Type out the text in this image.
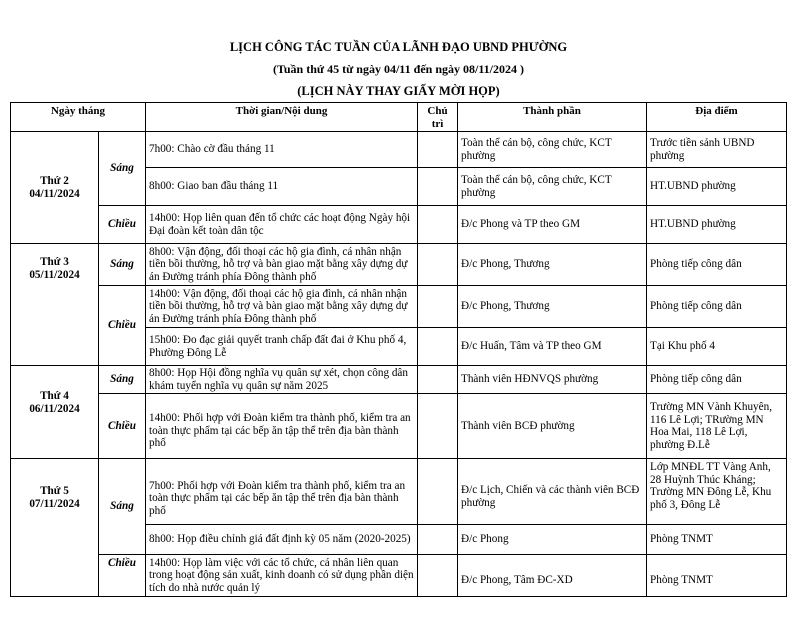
LỊCH CÔNG TÁC TUẦN CỦA LÃNH ĐẠO UBND PHƯỜNG
(Tuần thứ 45 từ ngày 04/11 đến ngày 08/11/2024 )
(LỊCH NÀY THAY GIẤY MỜI HỌP)
Ngày tháng		Thời gian/Nội dung	Chủ trì	Thành phần	Địa điểm

Thứ 2
04/11/2024	Sáng	7h00: Chào cờ đầu tháng 11		Toàn thể cán bộ, công chức, KCT phường	Trước tiền sảnh UBND phường
		8h00: Giao ban đầu tháng 11		Toàn thể cán bộ, công chức, KCT phường	HT.UBND phường
	Chiều	14h00: Họp liên quan đến tổ chức các hoạt động Ngày hội Đại đoàn kết toàn dân tộc		Đ/c Phong và TP theo GM	HT.UBND phường

Thứ 3
05/11/2024	Sáng	8h00: Vận động, đối thoại các hộ gia đình, cá nhân nhận tiền bồi thường, hỗ trợ và bàn giao mặt bằng xây dựng dự án Đường tránh phía Đông thành phố		Đ/c Phong, Thương	Phòng tiếp công dân
	Chiều	14h00: Vận động, đối thoại các hộ gia đình, cá nhân nhận tiền bồi thường, hỗ trợ và bàn giao mặt bằng xây dựng dự án Đường tránh phía Đông thành phố		Đ/c Phong, Thương	Phòng tiếp công dân
		15h00: Đo đạc giải quyết tranh chấp đất đai ở Khu phố 4, Phường Đông Lễ		Đ/c Huấn, Tâm và TP theo GM	Tại Khu phố 4

Thứ 4
06/11/2024	Sáng	8h00: Họp Hội đồng nghĩa vụ quân sự xét, chọn công dân khám tuyển nghĩa vụ quân sự năm 2025		Thành viên HĐNVQS phường	Phòng tiếp công dân
	Chiều	14h00: Phối hợp với Đoàn kiểm tra thành phố, kiểm tra an toàn thực phẩm tại các bếp ăn tập thể trên địa bàn thành phố		Thành viên BCĐ phường	Trường MN Vành Khuyên, 116 Lê Lợi; TRường MN Hoa Mai, 118 Lê Lợi, phường Đ.Lễ

Thứ 5
07/11/2024	Sáng	7h00: Phối hợp với Đoàn kiểm tra thành phố, kiểm tra an toàn thực phẩm tại các bếp ăn tập thể trên địa bàn thành phố		Đ/c Lịch, Chiến và các thành viên BCĐ phường	Lớp MNĐL TT Vàng Anh, 28 Huỳnh Thúc Kháng; Trường MN Đông Lễ, Khu phố 3, Đông Lễ
		8h00: Họp điều chỉnh giá đất định kỳ 05 năm (2020-2025)		Đ/c Phong	Phòng TNMT
	Chiều	14h00: Họp làm việc với các tổ chức, cá nhân liên quan trong hoạt động sản xuất, kinh doanh có sử dụng phần diện tích do nhà nước quản lý		Đ/c Phong, Tâm ĐC-XD	Phòng TNMT
